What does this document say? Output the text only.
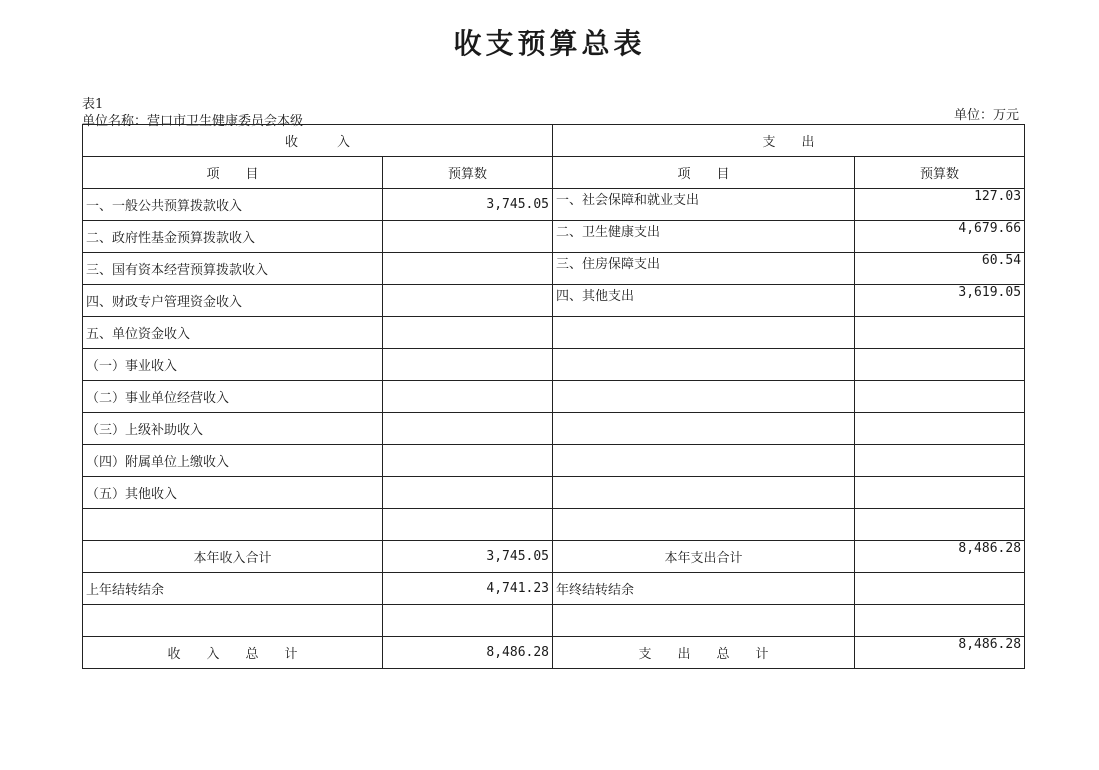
收支预算总表
表1
单位名称：营口市卫生健康委员会本级	单位：万元
收　　　入		支　　出	
项　　目	预算数	项　　目	预算数
一、一般公共预算拨款收入	3,745.05	一、社会保障和就业支出	127.03
二、政府性基金预算拨款收入		二、卫生健康支出	4,679.66
三、国有资本经营预算拨款收入		三、住房保障支出	60.54
四、财政专户管理资金收入		四、其他支出	3,619.05
五、单位资金收入			
（一）事业收入			
（二）事业单位经营收入			
（三）上级补助收入			
（四）附属单位上缴收入			
（五）其他收入			

本年收入合计	3,745.05	本年支出合计	8,486.28
上年结转结余	4,741.23	年终结转结余	

收　　入　　总　　计	8,486.28	支　　出　　总　　计	8,486.28
